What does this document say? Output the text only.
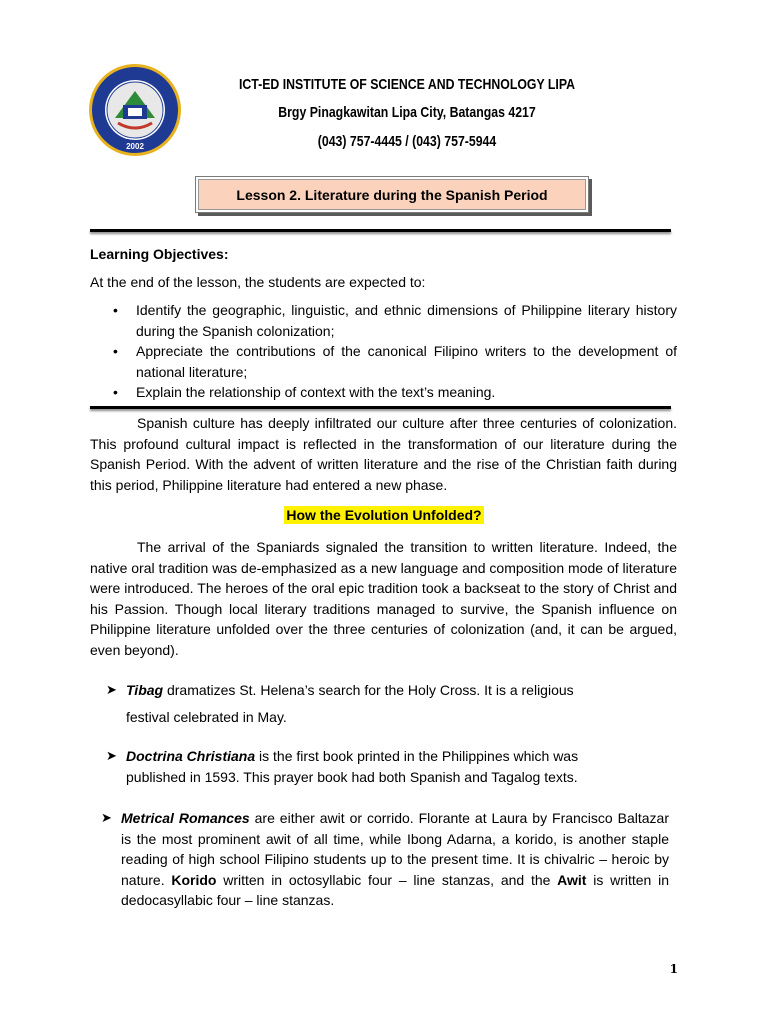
2002
ICT-ED INSTITUTE OF SCIENCE AND TECHNOLOGY LIPA
Brgy Pinagkawitan Lipa City, Batangas 4217
(043) 757-4445 / (043) 757-5944
Lesson 2. Literature during the Spanish Period
Learning Objectives:
At the end of the lesson, the students are expected to:
• Identify the geographic, linguistic, and ethnic dimensions of Philippine literary history during the Spanish colonization;
• Appreciate the contributions of the canonical Filipino writers to the development of national literature;
• Explain the relationship of context with the text’s meaning.
Spanish culture has deeply infiltrated our culture after three centuries of colonization. This profound cultural impact is reflected in the transformation of our literature during the Spanish Period. With the advent of written literature and the rise of the Christian faith during this period, Philippine literature had entered a new phase.
How the Evolution Unfolded?
The arrival of the Spaniards signaled the transition to written literature. Indeed, the native oral tradition was de-emphasized as a new language and composition mode of literature were introduced. The heroes of the oral epic tradition took a backseat to the story of Christ and his Passion. Though local literary traditions managed to survive, the Spanish influence on Philippine literature unfolded over the three centuries of colonization (and, it can be argued, even beyond).
➤ Tibag dramatizes St. Helena’s search for the Holy Cross. It is a religious
festival celebrated in May.
➤ Doctrina Christiana is the first book printed in the Philippines which was
published in 1593. This prayer book had both Spanish and Tagalog texts.
➤ Metrical Romances are either awit or corrido. Florante at Laura by Francisco Baltazar is the most prominent awit of all time, while Ibong Adarna, a korido, is another staple reading of high school Filipino students up to the present time. It is chivalric – heroic by nature. Korido written in octosyllabic four – line stanzas, and the Awit is written in dedocasyllabic four – line stanzas.
1
